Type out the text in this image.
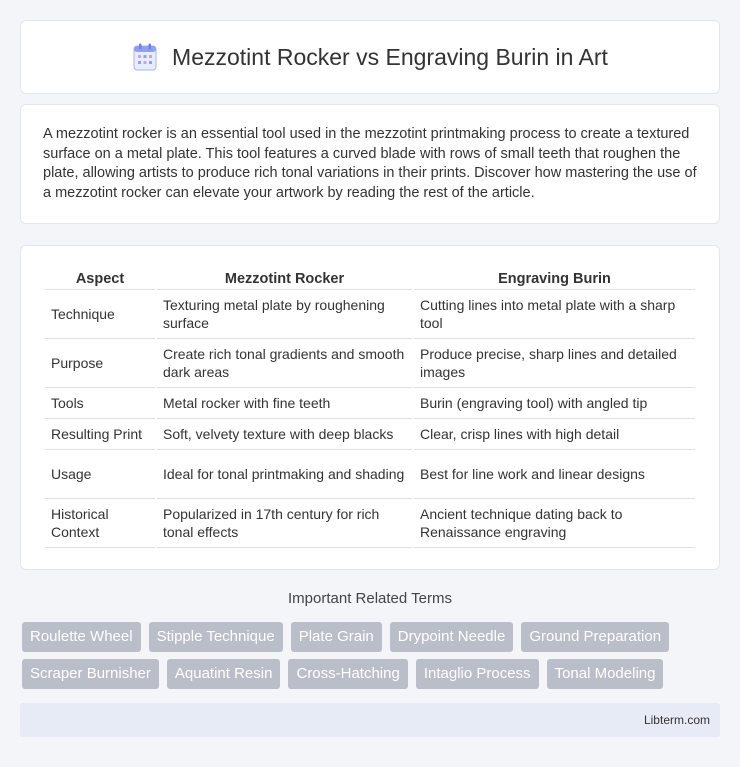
Mezzotint Rocker vs Engraving Burin in Art

A mezzotint rocker is an essential tool used in the mezzotint printmaking process to create a textured surface on a metal plate. This tool features a curved blade with rows of small teeth that roughen the plate, allowing artists to produce rich tonal variations in their prints. Discover how mastering the use of a mezzotint rocker can elevate your artwork by reading the rest of the article.

Aspect	Mezzotint Rocker	Engraving Burin
Technique	Texturing metal plate by roughening surface	Cutting lines into metal plate with a sharp tool
Purpose	Create rich tonal gradients and smooth dark areas	Produce precise, sharp lines and detailed images
Tools	Metal rocker with fine teeth	Burin (engraving tool) with angled tip
Resulting Print	Soft, velvety texture with deep blacks	Clear, crisp lines with high detail
Usage	Ideal for tonal printmaking and shading	Best for line work and linear designs
Historical Context	Popularized in 17th century for rich tonal effects	Ancient technique dating back to Renaissance engraving
Important Related Terms
Roulette Wheel	Stipple Technique	Plate Grain	Drypoint Needle	Ground Preparation
Scraper Burnisher	Aquatint Resin	Cross-Hatching	Intaglio Process	Tonal Modeling
Libterm.com
